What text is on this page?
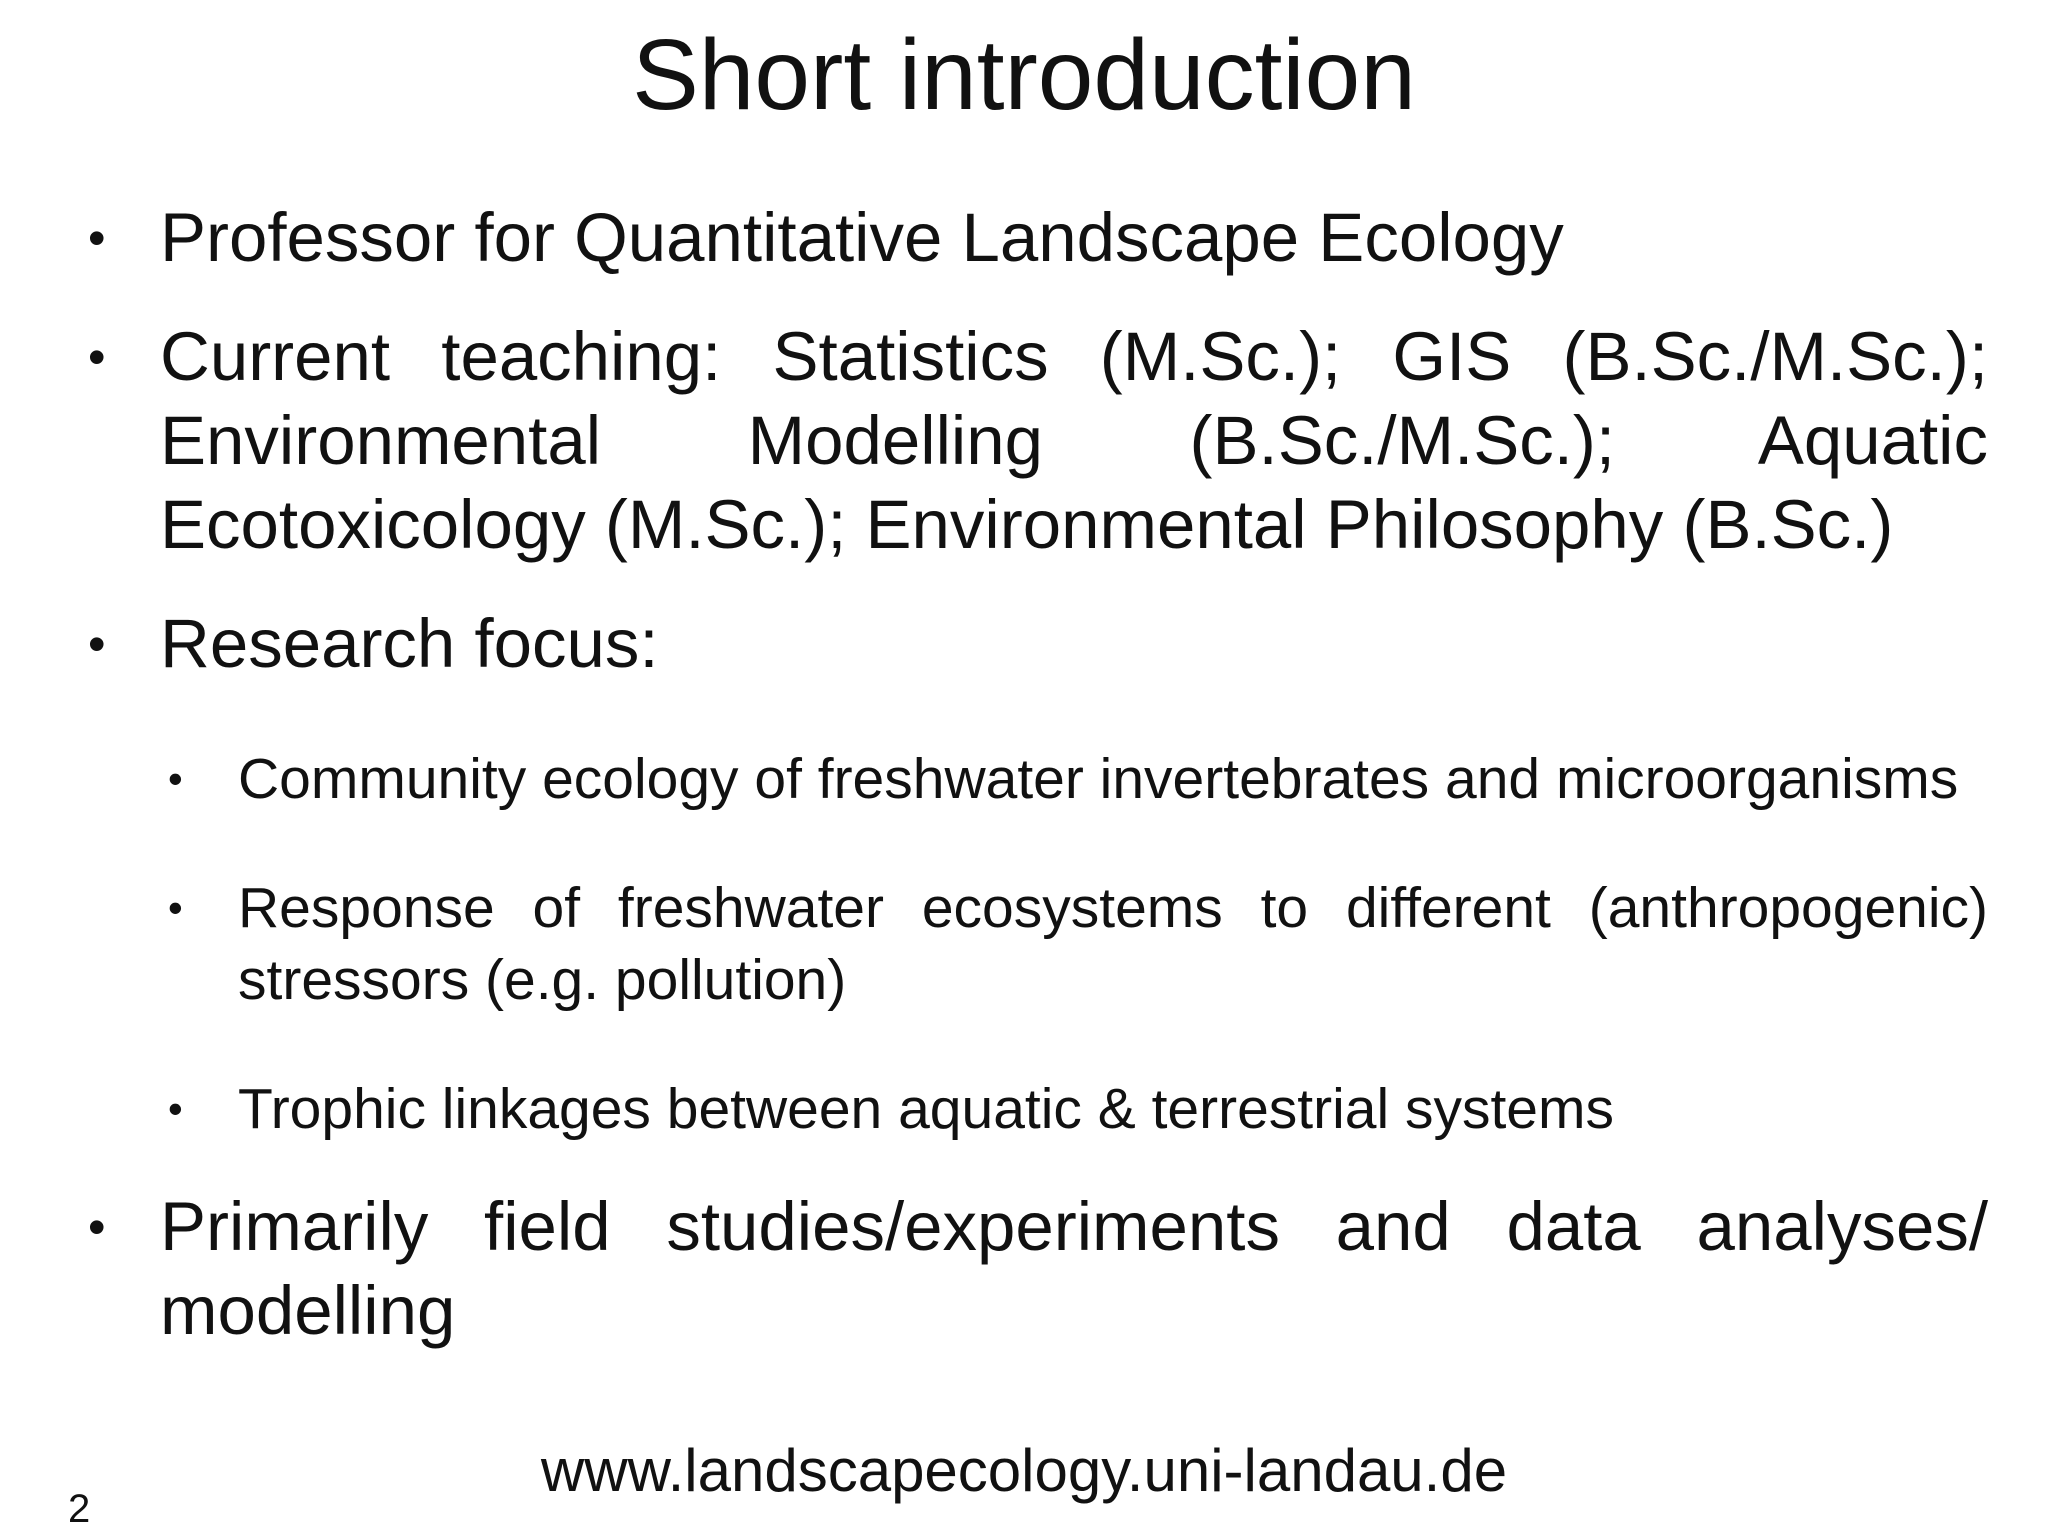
Short introduction

• Professor for Quantitative Landscape Ecology

• Current teaching: Statistics (M.Sc.); GIS (B.Sc./M.Sc.); Environmental Modelling (B.Sc./M.Sc.); Aquatic Ecotoxicology (M.Sc.); Environmental Philosophy (B.Sc.)

• Research focus:

• Community ecology of freshwater invertebrates and microorganisms

• Response of freshwater ecosystems to different (anthropogenic) stressors (e.g. pollution)

• Trophic linkages between aquatic & terrestrial systems

• Primarily field studies/experiments and data analyses/ modelling

www.landscapecology.uni-landau.de
2
